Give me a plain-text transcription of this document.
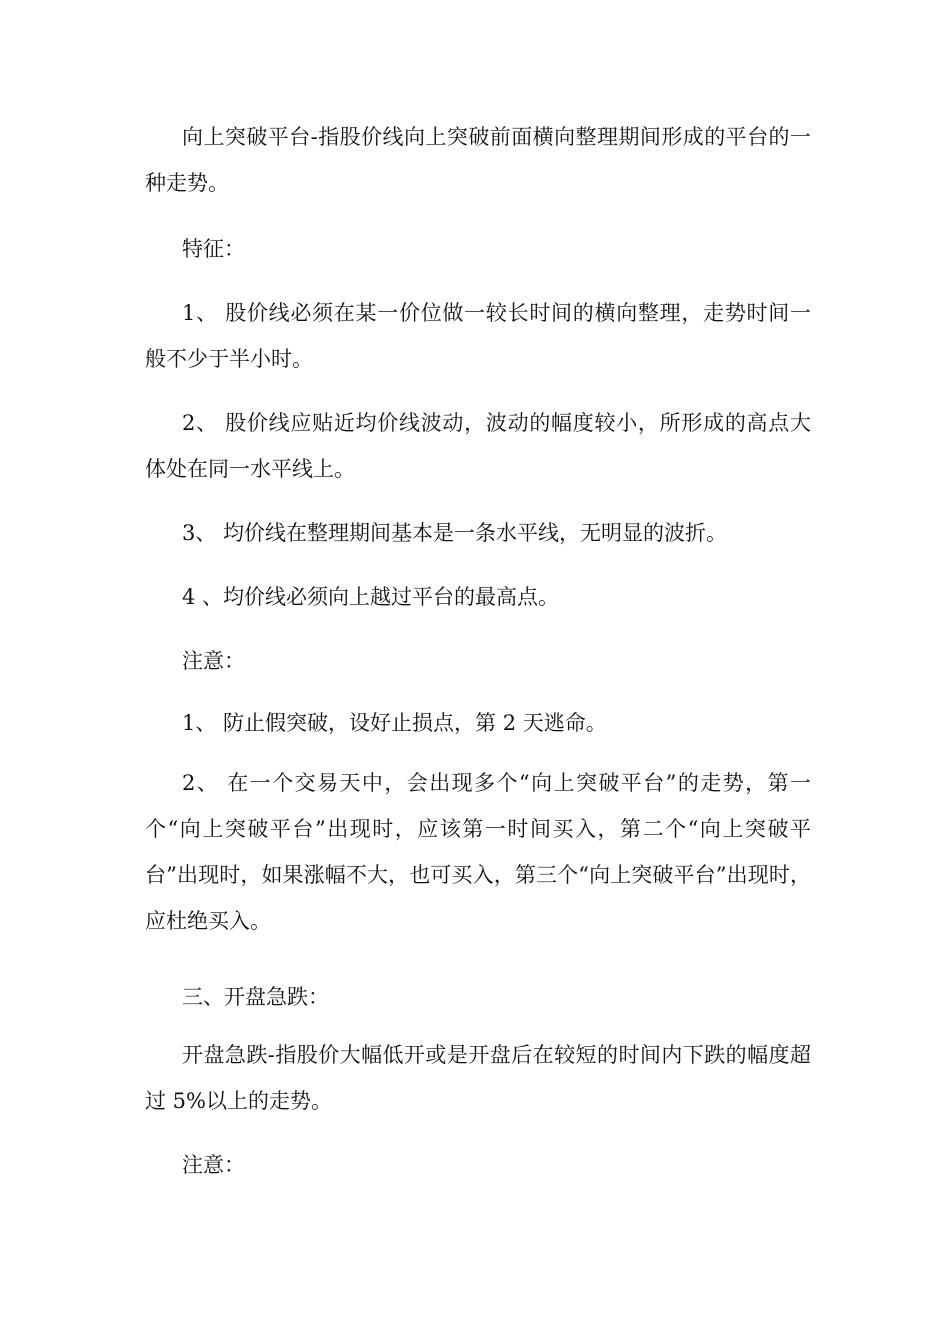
向上突破平台-指股价线向上突破前面横向整理期间形成的平台的一种走势。

特征：

1、 股价线必须在某一价位做一较长时间的横向整理，走势时间一般不少于半小时。

2、 股价线应贴近均价线波动，波动的幅度较小，所形成的高点大体处在同一水平线上。

3、 均价线在整理期间基本是一条水平线，无明显的波折。

4 、均价线必须向上越过平台的最高点。

注意：

1、 防止假突破，设好止损点，第 2 天逃命。

2、 在一个交易天中，会出现多个“向上突破平台”的走势，第一个“向上突破平台”出现时，应该第一时间买入，第二个“向上突破平台”出现时，如果涨幅不大，也可买入，第三个“向上突破平台”出现时，应杜绝买入。

三、开盘急跌：

开盘急跌-指股价大幅低开或是开盘后在较短的时间内下跌的幅度超过 5%以上的走势。

注意：
